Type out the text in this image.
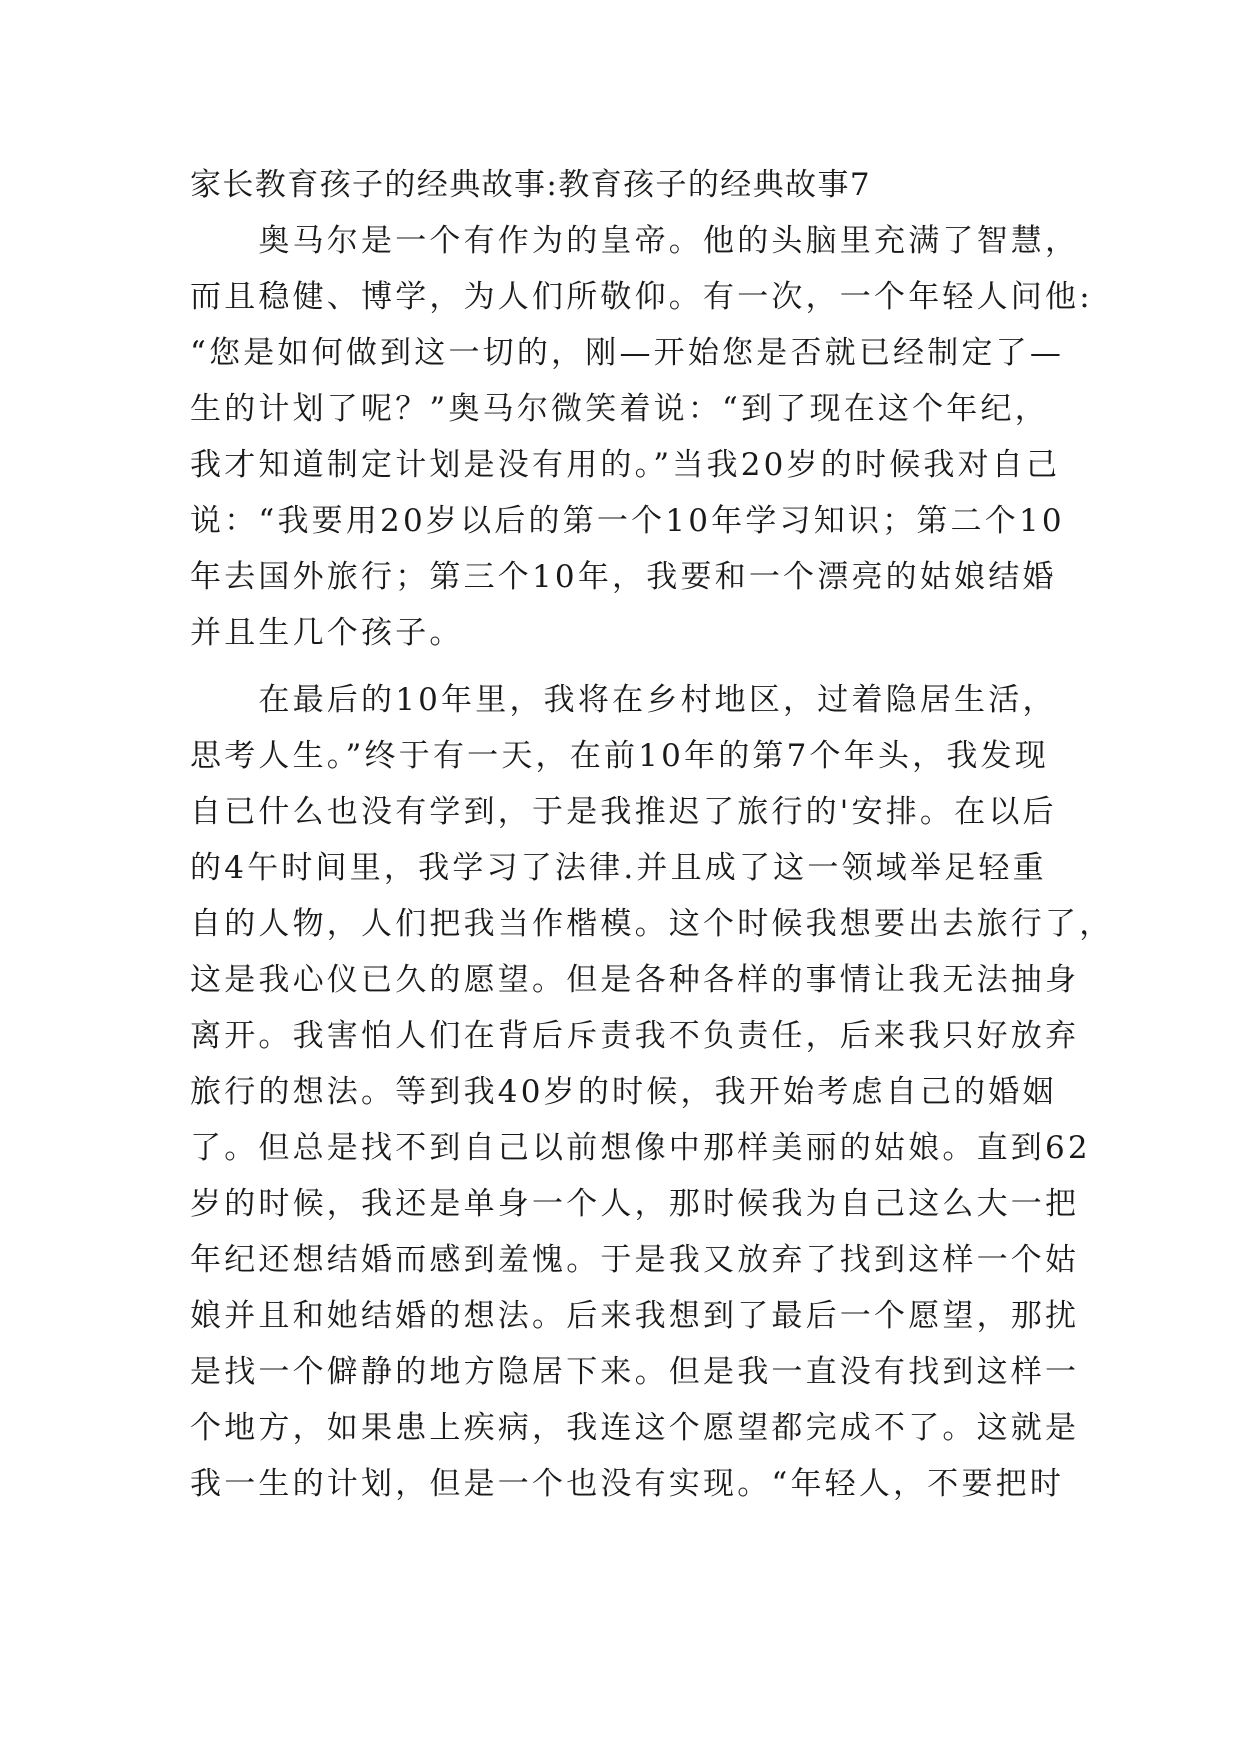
家长教育孩子的经典故事:教育孩子的经典故事7
　　奥马尔是一个有作为的皇帝。他的头脑里充满了智慧，
而且稳健、博学，为人们所敬仰。有一次，一个年轻人问他:
“您是如何做到这一切的，刚—开始您是否就已经制定了—
生的计划了呢？”奥马尔微笑着说：“到了现在这个年纪，
我才知道制定计划是没有用的。”当我20岁的时候我对自己
说：“我要用20岁以后的第一个10年学习知识；第二个10
年去国外旅行；第三个10年，我要和一个漂亮的姑娘结婚
并且生几个孩子。
　　在最后的10年里，我将在乡村地区，过着隐居生活，
思考人生。”终于有一天，在前10年的第7个年头，我发现
自已什么也没有学到，于是我推迟了旅行的'安排。在以后
的4午时间里，我学习了法律.并且成了这一领域举足轻重
自的人物，人们把我当作楷模。这个时候我想要出去旅行了，
这是我心仪已久的愿望。但是各种各样的事情让我无法抽身
离开。我害怕人们在背后斥责我不负责任，后来我只好放弃
旅行的想法。等到我40岁的时候，我开始考虑自己的婚姻
了。但总是找不到自己以前想像中那样美丽的姑娘。直到62
岁的时候，我还是单身一个人，那时候我为自己这么大一把
年纪还想结婚而感到羞愧。于是我又放弃了找到这样一个姑
娘并且和她结婚的想法。后来我想到了最后一个愿望，那扰
是找一个僻静的地方隐居下来。但是我一直没有找到这样一
个地方，如果患上疾病，我连这个愿望都完成不了。这就是
我一生的计划，但是一个也没有实现。“年轻人，不要把时
